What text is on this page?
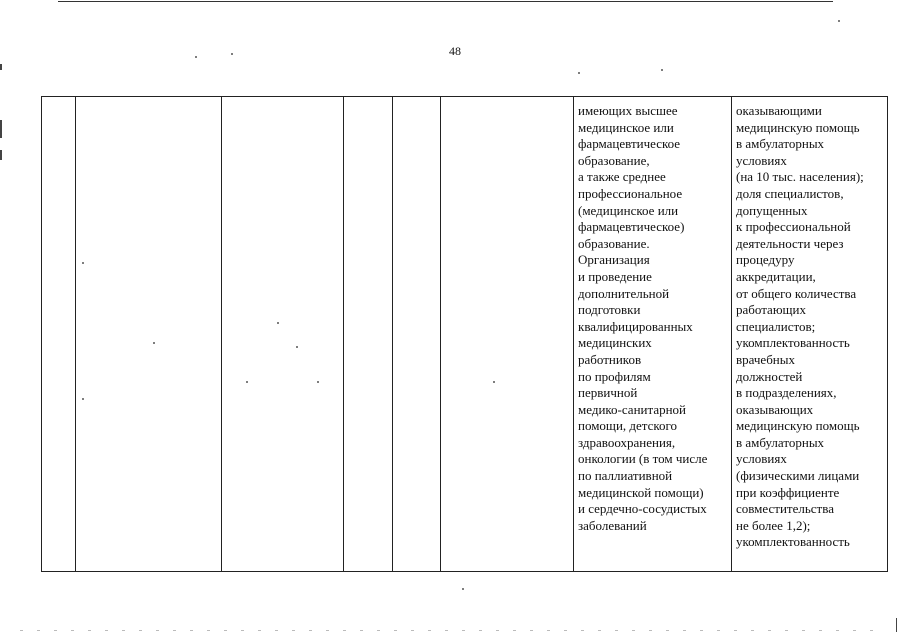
48
имеющих высшее
медицинское или
фармацевтическое
образование,
а также среднее
профессиональное
(медицинское или
фармацевтическое)
образование.
Организация
и проведение
дополнительной
подготовки
квалифицированных
медицинских
работников
по профилям
первичной
медико-санитарной
помощи, детского
здравоохранения,
онкологии (в том числе
по паллиативной
медицинской помощи)
и сердечно-сосудистых
заболеваний
оказывающими
медицинскую помощь
в амбулаторных
условиях
(на 10 тыс. населения);
доля специалистов,
допущенных
к профессиональной
деятельности через
процедуру
аккредитации,
от общего количества
работающих
специалистов;
укомплектованность
врачебных
должностей
в подразделениях,
оказывающих
медицинскую помощь
в амбулаторных
условиях
(физическими лицами
при коэффициенте
совместительства
не более 1,2);
укомплектованность
